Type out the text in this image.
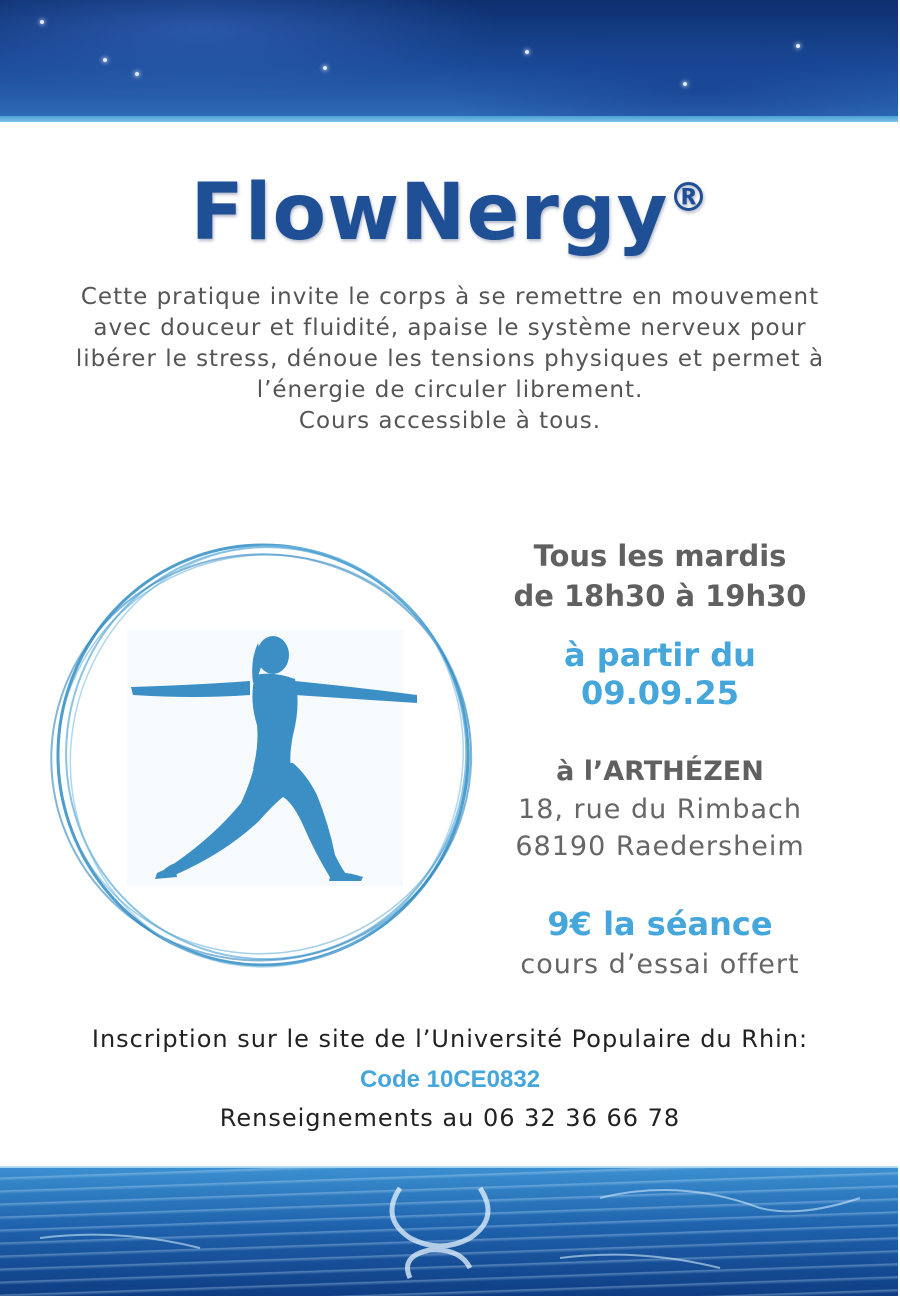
FlowNergy®

Cette pratique invite le corps à se remettre en mouvement avec douceur et fluidité, apaise le système nerveux pour libérer le stress, dénoue les tensions physiques et permet à l’énergie de circuler librement.

Cours accessible à tous.

Tous les mardis
de 18h30 à 19h30
à partir du
09.09.25
à l’ARTHÉZEN
18, rue du Rimbach
68190 Raedersheim
9€ la séance
cours d’essai offert
Inscription sur le site de l’Université Populaire du Rhin:
Code 10CE0832
Renseignements au 06 32 36 66 78
